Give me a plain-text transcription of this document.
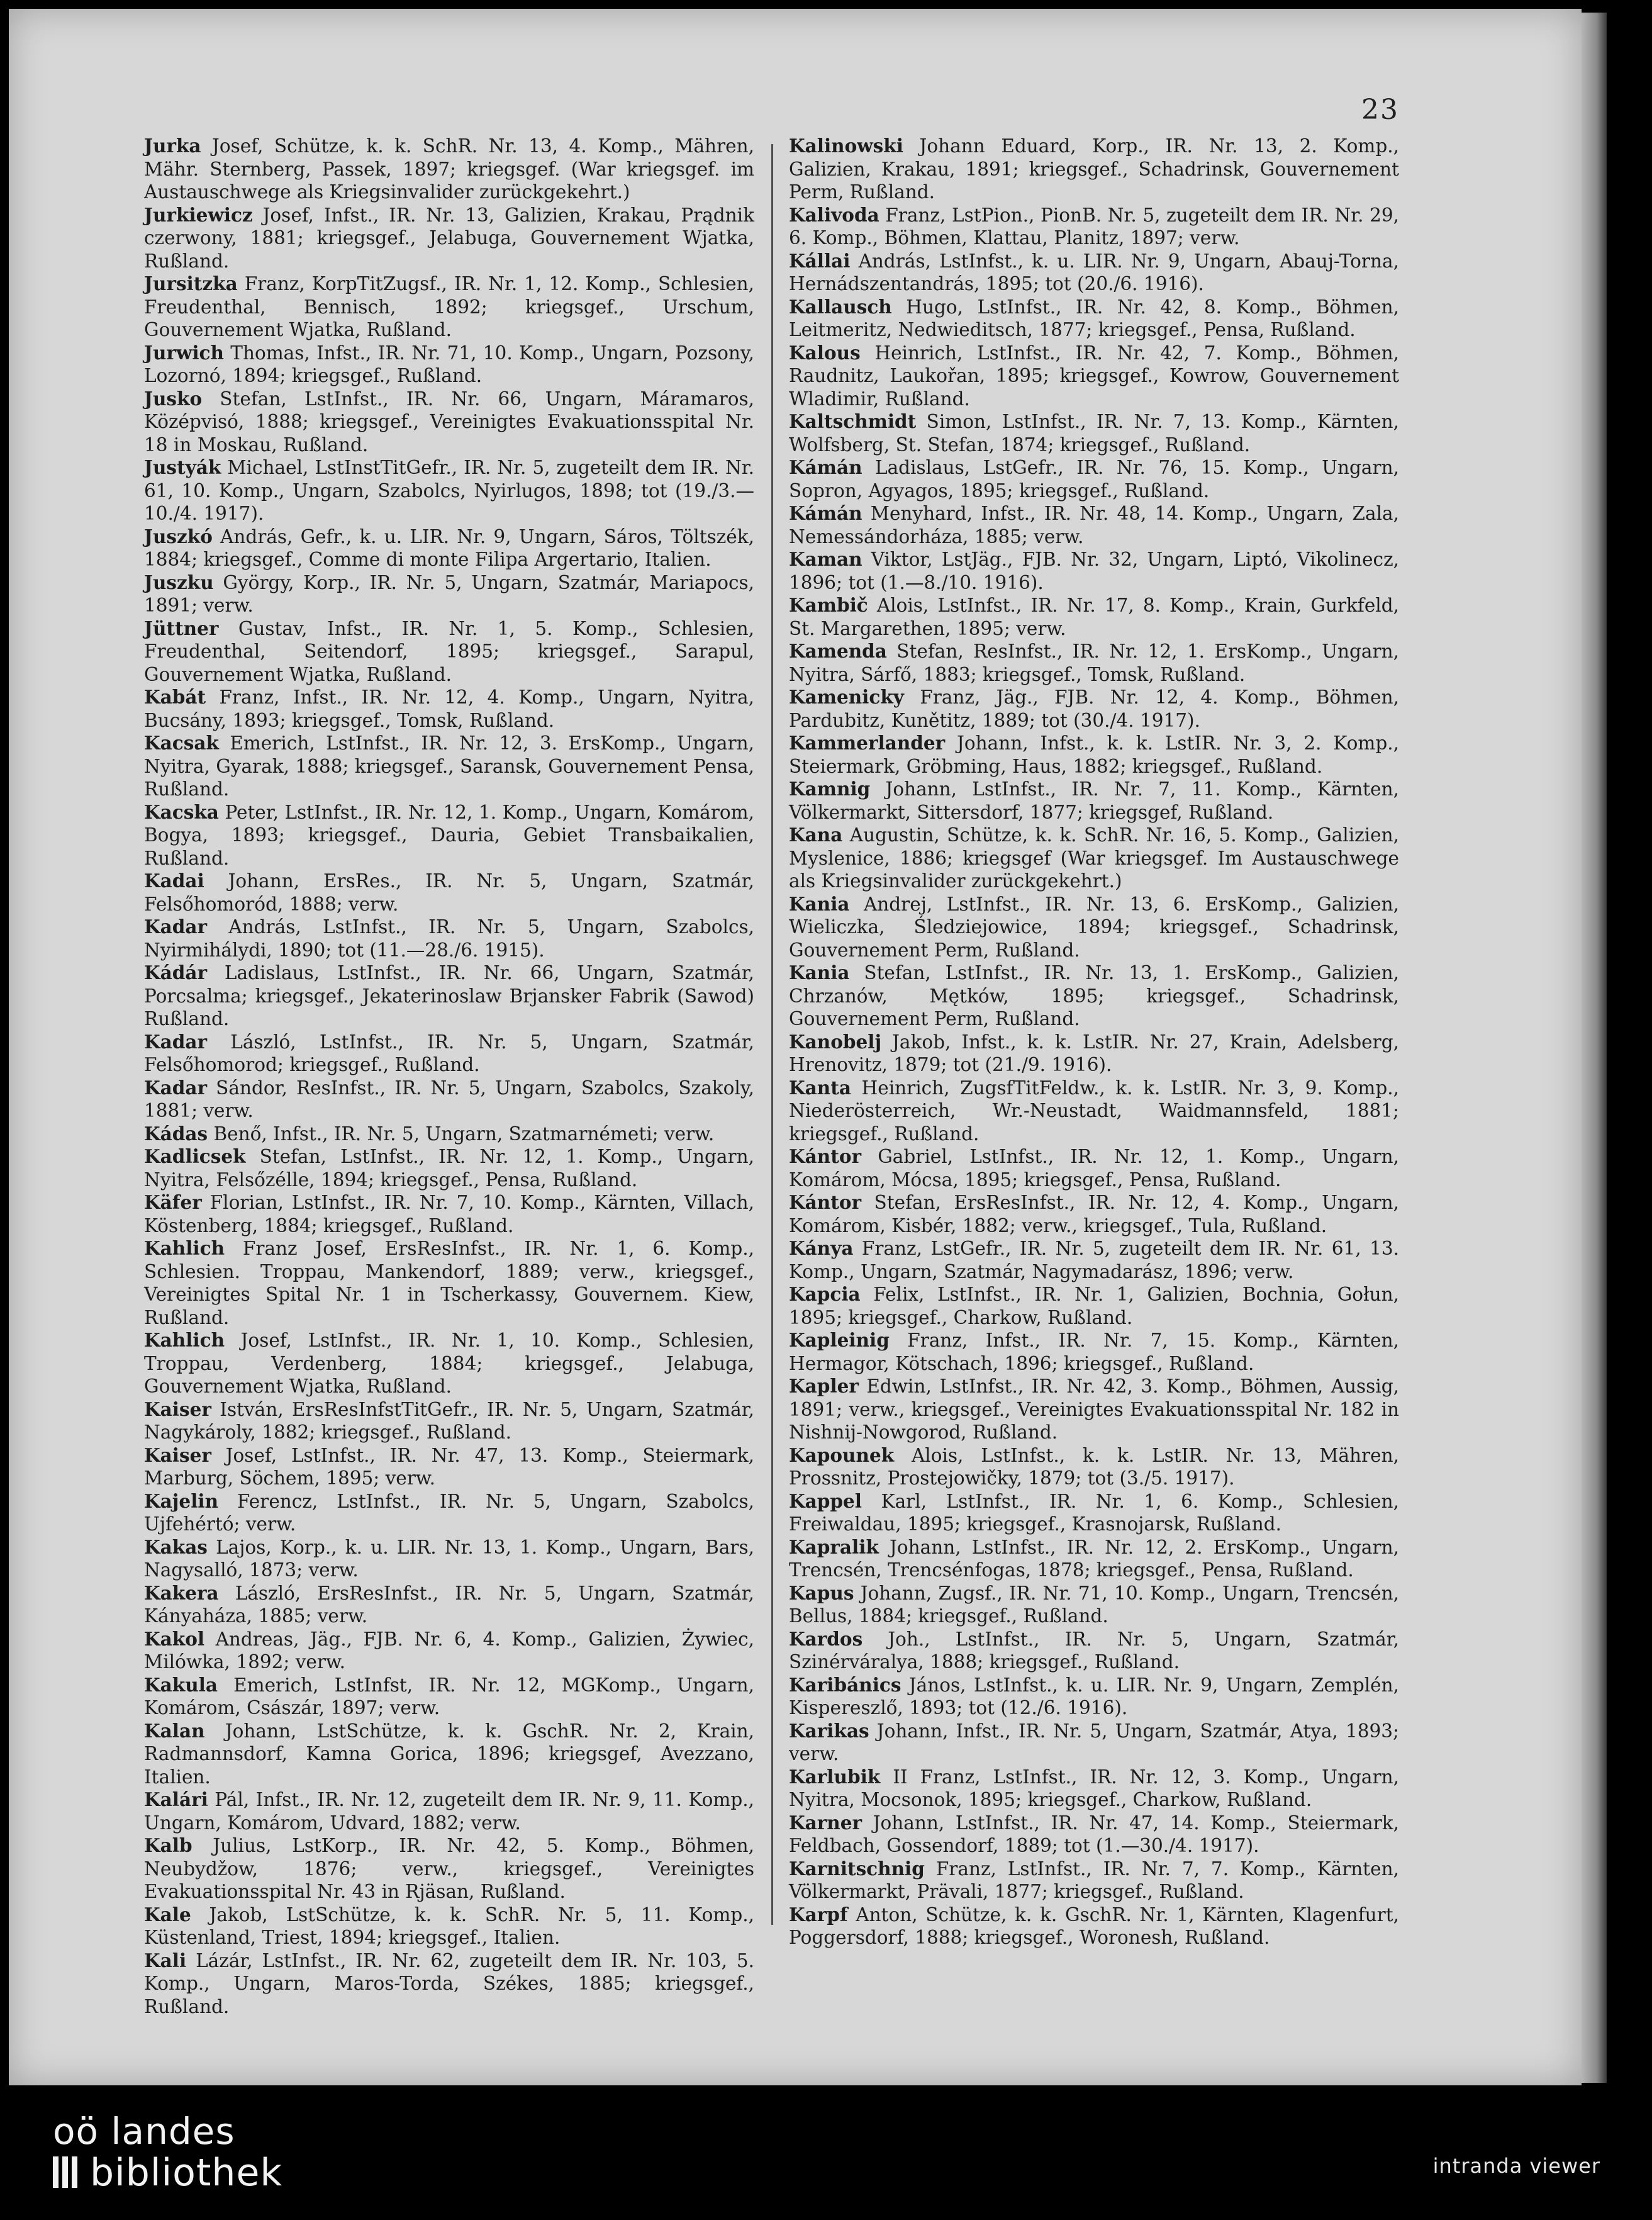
23
Jurka Josef, Schütze, k. k. SchR. Nr. 13, 4. Komp., Mähren, Mähr. Sternberg, Passek, 1897; kriegsgef. (War kriegsgef. im Austauschwege als Kriegsinvalider zurückgekehrt.)
Jurkiewicz Josef, Infst., IR. Nr. 13, Galizien, Krakau, Prądnik czerwony, 1881; kriegsgef., Jelabuga, Gouvernement Wjatka, Rußland.
Jursitzka Franz, KorpTitZugsf., IR. Nr. 1, 12. Komp., Schlesien, Freudenthal, Bennisch, 1892; kriegsgef., Urschum, Gouvernement Wjatka, Rußland.
Jurwich Thomas, Infst., IR. Nr. 71, 10. Komp., Ungarn, Pozsony, Lozornó, 1894; kriegsgef., Rußland.
Jusko Stefan, LstInfst., IR. Nr. 66, Ungarn, Máramaros, Középvisó, 1888; kriegsgef., Vereinigtes Evakuationsspital Nr. 18 in Moskau, Rußland.
Justyák Michael, LstInstTitGefr., IR. Nr. 5, zugeteilt dem IR. Nr. 61, 10. Komp., Ungarn, Szabolcs, Nyirlugos, 1898; tot (19./3.—10./4. 1917).
Juszkó András, Gefr., k. u. LIR. Nr. 9, Ungarn, Sáros, Töltszék, 1884; kriegsgef., Comme di monte Filipa Argertario, Italien.
Juszku György, Korp., IR. Nr. 5, Ungarn, Szatmár, Mariapocs, 1891; verw.
Jüttner Gustav, Infst., IR. Nr. 1, 5. Komp., Schlesien, Freudenthal, Seitendorf, 1895; kriegsgef., Sarapul, Gouvernement Wjatka, Rußland.
Kabát Franz, Infst., IR. Nr. 12, 4. Komp., Ungarn, Nyitra, Bucsány, 1893; kriegsgef., Tomsk, Rußland.
Kacsak Emerich, LstInfst., IR. Nr. 12, 3. ErsKomp., Ungarn, Nyitra, Gyarak, 1888; kriegsgef., Saransk, Gouvernement Pensa, Rußland.
Kacska Peter, LstInfst., IR. Nr. 12, 1. Komp., Ungarn, Komárom, Bogya, 1893; kriegsgef., Dauria, Gebiet Transbaikalien, Rußland.
Kadai Johann, ErsRes., IR. Nr. 5, Ungarn, Szatmár, Felsőhomoród, 1888; verw.
Kadar András, LstInfst., IR. Nr. 5, Ungarn, Szabolcs, Nyirmihálydi, 1890; tot (11.—28./6. 1915).
Kádár Ladislaus, LstInfst., IR. Nr. 66, Ungarn, Szatmár, Porcsalma; kriegsgef., Jekaterinoslaw Brjansker Fabrik (Sawod) Rußland.
Kadar László, LstInfst., IR. Nr. 5, Ungarn, Szatmár, Felsőhomorod; kriegsgef., Rußland.
Kadar Sándor, ResInfst., IR. Nr. 5, Ungarn, Szabolcs, Szakoly, 1881; verw.
Kádas Benő, Infst., IR. Nr. 5, Ungarn, Szatmarnémeti; verw.
Kadlicsek Stefan, LstInfst., IR. Nr. 12, 1. Komp., Ungarn, Nyitra, Felsőzélle, 1894; kriegsgef., Pensa, Rußland.
Käfer Florian, LstInfst., IR. Nr. 7, 10. Komp., Kärnten, Villach, Köstenberg, 1884; kriegsgef., Rußland.
Kahlich Franz Josef, ErsResInfst., IR. Nr. 1, 6. Komp., Schlesien. Troppau, Mankendorf, 1889; verw., kriegsgef., Vereinigtes Spital Nr. 1 in Tscherkassy, Gouvernem. Kiew, Rußland.
Kahlich Josef, LstInfst., IR. Nr. 1, 10. Komp., Schlesien, Troppau, Verdenberg, 1884; kriegsgef., Jelabuga, Gouvernement Wjatka, Rußland.
Kaiser István, ErsResInfstTitGefr., IR. Nr. 5, Ungarn, Szatmár, Nagykároly, 1882; kriegsgef., Rußland.
Kaiser Josef, LstInfst., IR. Nr. 47, 13. Komp., Steiermark, Marburg, Söchem, 1895; verw.
Kajelin Ferencz, LstInfst., IR. Nr. 5, Ungarn, Szabolcs, Ujfehértó; verw.
Kakas Lajos, Korp., k. u. LIR. Nr. 13, 1. Komp., Ungarn, Bars, Nagysalló, 1873; verw.
Kakera László, ErsResInfst., IR. Nr. 5, Ungarn, Szatmár, Kányaháza, 1885; verw.
Kakol Andreas, Jäg., FJB. Nr. 6, 4. Komp., Galizien, Żywiec, Milówka, 1892; verw.
Kakula Emerich, LstInfst, IR. Nr. 12, MGKomp., Ungarn, Komárom, Császár, 1897; verw.
Kalan Johann, LstSchütze, k. k. GschR. Nr. 2, Krain, Radmannsdorf, Kamna Gorica, 1896; kriegsgef, Avezzano, Italien.
Kalári Pál, Infst., IR. Nr. 12, zugeteilt dem IR. Nr. 9, 11. Komp., Ungarn, Komárom, Udvard, 1882; verw.
Kalb Julius, LstKorp., IR. Nr. 42, 5. Komp., Böhmen, Neubydžow, 1876; verw., kriegsgef., Vereinigtes Evakuationsspital Nr. 43 in Rjäsan, Rußland.
Kale Jakob, LstSchütze, k. k. SchR. Nr. 5, 11. Komp., Küstenland, Triest, 1894; kriegsgef., Italien.
Kali Lázár, LstInfst., IR. Nr. 62, zugeteilt dem IR. Nr. 103, 5. Komp., Ungarn, Maros-Torda, Székes, 1885; kriegsgef., Rußland.
Kalinowski Johann Eduard, Korp., IR. Nr. 13, 2. Komp., Galizien, Krakau, 1891; kriegsgef., Schadrinsk, Gouvernement Perm, Rußland.
Kalivoda Franz, LstPion., PionB. Nr. 5, zugeteilt dem IR. Nr. 29, 6. Komp., Böhmen, Klattau, Planitz, 1897; verw.
Kállai András, LstInfst., k. u. LIR. Nr. 9, Ungarn, Abauj-Torna, Hernádszentandrás, 1895; tot (20./6. 1916).
Kallausch Hugo, LstInfst., IR. Nr. 42, 8. Komp., Böhmen, Leitmeritz, Nedwieditsch, 1877; kriegsgef., Pensa, Rußland.
Kalous Heinrich, LstInfst., IR. Nr. 42, 7. Komp., Böhmen, Raudnitz, Laukořan, 1895; kriegsgef., Kowrow, Gouvernement Wladimir, Rußland.
Kaltschmidt Simon, LstInfst., IR. Nr. 7, 13. Komp., Kärnten, Wolfsberg, St. Stefan, 1874; kriegsgef., Rußland.
Kámán Ladislaus, LstGefr., IR. Nr. 76, 15. Komp., Ungarn, Sopron, Agyagos, 1895; kriegsgef., Rußland.
Kámán Menyhard, Infst., IR. Nr. 48, 14. Komp., Ungarn, Zala, Nemessándorháza, 1885; verw.
Kaman Viktor, LstJäg., FJB. Nr. 32, Ungarn, Liptó, Vikolinecz, 1896; tot (1.—8./10. 1916).
Kambič Alois, LstInfst., IR. Nr. 17, 8. Komp., Krain, Gurkfeld, St. Margarethen, 1895; verw.
Kamenda Stefan, ResInfst., IR. Nr. 12, 1. ErsKomp., Ungarn, Nyitra, Sárfő, 1883; kriegsgef., Tomsk, Rußland.
Kamenicky Franz, Jäg., FJB. Nr. 12, 4. Komp., Böhmen, Pardubitz, Kunětitz, 1889; tot (30./4. 1917).
Kammerlander Johann, Infst., k. k. LstIR. Nr. 3, 2. Komp., Steiermark, Gröbming, Haus, 1882; kriegsgef., Rußland.
Kamnig Johann, LstInfst., IR. Nr. 7, 11. Komp., Kärnten, Völkermarkt, Sittersdorf, 1877; kriegsgef, Rußland.
Kana Augustin, Schütze, k. k. SchR. Nr. 16, 5. Komp., Galizien, Myslenice, 1886; kriegsgef (War kriegsgef. Im Austauschwege als Kriegsinvalider zurückgekehrt.)
Kania Andrej, LstInfst., IR. Nr. 13, 6. ErsKomp., Galizien, Wieliczka, Śledziejowice, 1894; kriegsgef., Schadrinsk, Gouvernement Perm, Rußland.
Kania Stefan, LstInfst., IR. Nr. 13, 1. ErsKomp., Galizien, Chrzanów, Mętków, 1895; kriegsgef., Schadrinsk, Gouvernement Perm, Rußland.
Kanobelj Jakob, Infst., k. k. LstIR. Nr. 27, Krain, Adelsberg, Hrenovitz, 1879; tot (21./9. 1916).
Kanta Heinrich, ZugsfTitFeldw., k. k. LstIR. Nr. 3, 9. Komp., Niederösterreich, Wr.-Neustadt, Waidmannsfeld, 1881; kriegsgef., Rußland.
Kántor Gabriel, LstInfst., IR. Nr. 12, 1. Komp., Ungarn, Komárom, Mócsa, 1895; kriegsgef., Pensa, Rußland.
Kántor Stefan, ErsResInfst., IR. Nr. 12, 4. Komp., Ungarn, Komárom, Kisbér, 1882; verw., kriegsgef., Tula, Rußland.
Kánya Franz, LstGefr., IR. Nr. 5, zugeteilt dem IR. Nr. 61, 13. Komp., Ungarn, Szatmár, Nagymadarász, 1896; verw.
Kapcia Felix, LstInfst., IR. Nr. 1, Galizien, Bochnia, Gołun, 1895; kriegsgef., Charkow, Rußland.
Kapleinig Franz, Infst., IR. Nr. 7, 15. Komp., Kärnten, Hermagor, Kötschach, 1896; kriegsgef., Rußland.
Kapler Edwin, LstInfst., IR. Nr. 42, 3. Komp., Böhmen, Aussig, 1891; verw., kriegsgef., Vereinigtes Evakuationsspital Nr. 182 in Nishnij-Nowgorod, Rußland.
Kapounek Alois, LstInfst., k. k. LstIR. Nr. 13, Mähren, Prossnitz, Prostejowičky, 1879; tot (3./5. 1917).
Kappel Karl, LstInfst., IR. Nr. 1, 6. Komp., Schlesien, Freiwaldau, 1895; kriegsgef., Krasnojarsk, Rußland.
Kapralik Johann, LstInfst., IR. Nr. 12, 2. ErsKomp., Ungarn, Trencsén, Trencsénfogas, 1878; kriegsgef., Pensa, Rußland.
Kapus Johann, Zugsf., IR. Nr. 71, 10. Komp., Ungarn, Trencsén, Bellus, 1884; kriegsgef., Rußland.
Kardos Joh., LstInfst., IR. Nr. 5, Ungarn, Szatmár, Szinérváralya, 1888; kriegsgef., Rußland.
Karibánics János, LstInfst., k. u. LIR. Nr. 9, Ungarn, Zemplén, Kispereszlő, 1893; tot (12./6. 1916).
Karikas Johann, Infst., IR. Nr. 5, Ungarn, Szatmár, Atya, 1893; verw.
Karlubik II Franz, LstInfst., IR. Nr. 12, 3. Komp., Ungarn, Nyitra, Mocsonok, 1895; kriegsgef., Charkow, Rußland.
Karner Johann, LstInfst., IR. Nr. 47, 14. Komp., Steiermark, Feldbach, Gossendorf, 1889; tot (1.—30./4. 1917).
Karnitschnig Franz, LstInfst., IR. Nr. 7, 7. Komp., Kärnten, Völkermarkt, Prävali, 1877; kriegsgef., Rußland.
Karpf Anton, Schütze, k. k. GschR. Nr. 1, Kärnten, Klagenfurt, Poggersdorf, 1888; kriegsgef., Woronesh, Rußland.
oö landes
bibliothek	intranda viewer
